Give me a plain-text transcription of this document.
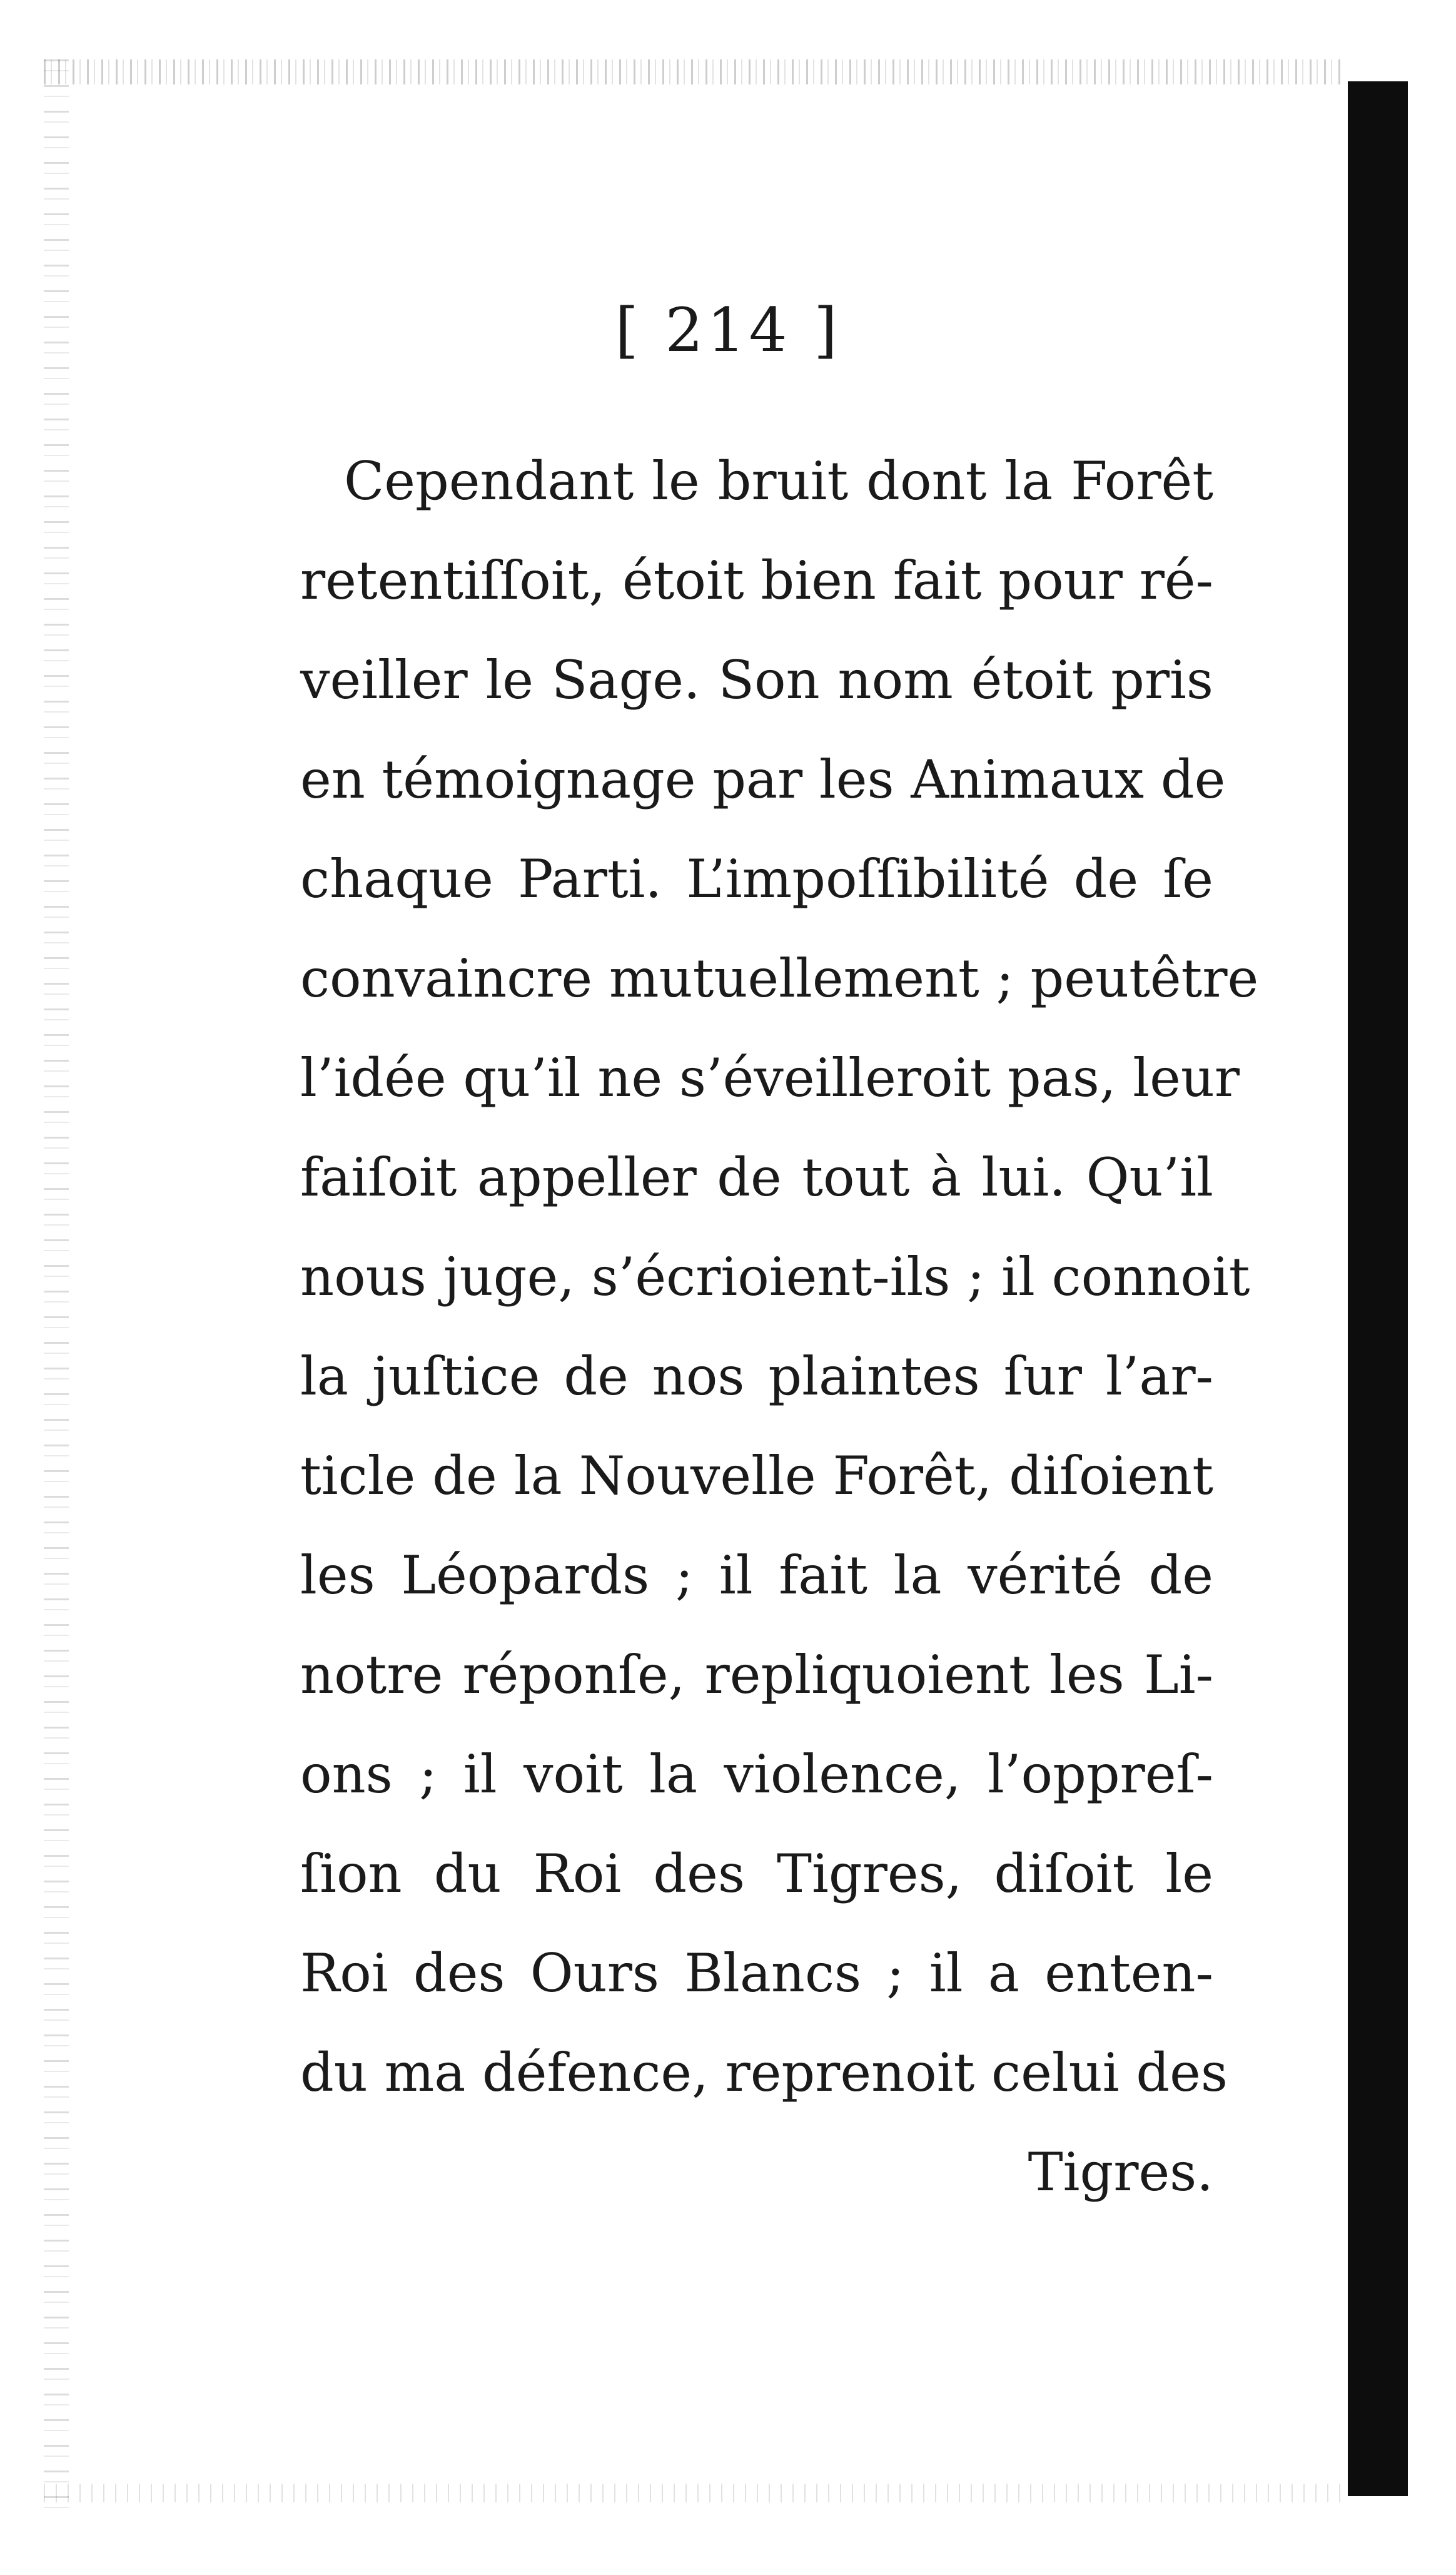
[ 214 ]
Cependant le bruit dont la Forêt
retentiſſoit, étoit bien fait pour ré-
veiller le Sage. Son nom étoit pris
en témoignage par les Animaux de
chaque Parti. L’impoſſibilité de ſe
convaincre mutuellement ; peutêtre
l’idée qu’il ne s’éveilleroit pas, leur
faiſoit appeller de tout à lui. Qu’il
nous juge, s’écrioient-ils ; il connoit
la juſtice de nos plaintes ſur l’ar-
ticle de la Nouvelle Forêt, diſoient
les Léopards ; il fait la vérité de
notre réponſe, repliquoient les Li-
ons ; il voit la violence, l’oppreſ-
ſion du Roi des Tigres, diſoit le
Roi des Ours Blancs ; il a enten-
du ma défence, reprenoit celui des
Tigres.
